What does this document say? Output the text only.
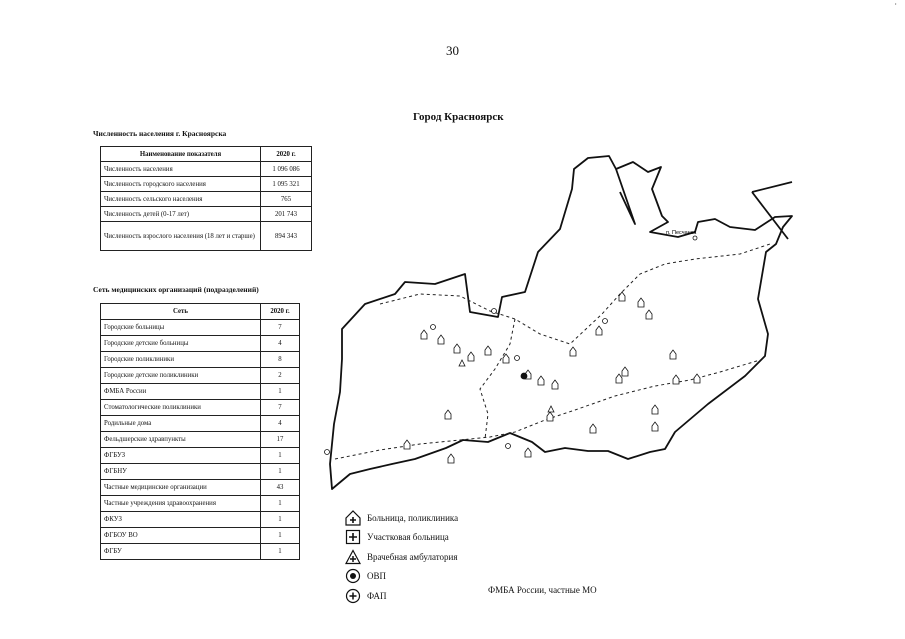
30
·
Город Красноярск
Численность населения г. Красноярска
Наименование показателя	2020 г.
Численность населения	1 096 086
Численность городского населения	1 095 321
Численность сельского населения	765
Численность детей (0-17 лет)	201 743
Численность взрослого населения (18 лет и старше)	894 343
Сеть медицинских организаций (подразделений)
Сеть	2020 г.
Городские больницы	7
Городские детские больницы	4
Городские поликлиники	8
Городские детские поликлиники	2
ФМБА России	1
Стоматологические поликлиники	7
Родильные дома	4
Фельдшерские здравпункты	17
ФГБУЗ	1
ФГБНУ	1
Частные медицинские организации	43
Частные учреждения здравоохранения	1
ФКУЗ	1
ФГБОУ ВО	1
ФГБУ	1
п. Песчанка
Больница, поликлиника
Участковая больница
Врачебная амбулатория
ОВП
ФАП
ФМБА России, частные МО
